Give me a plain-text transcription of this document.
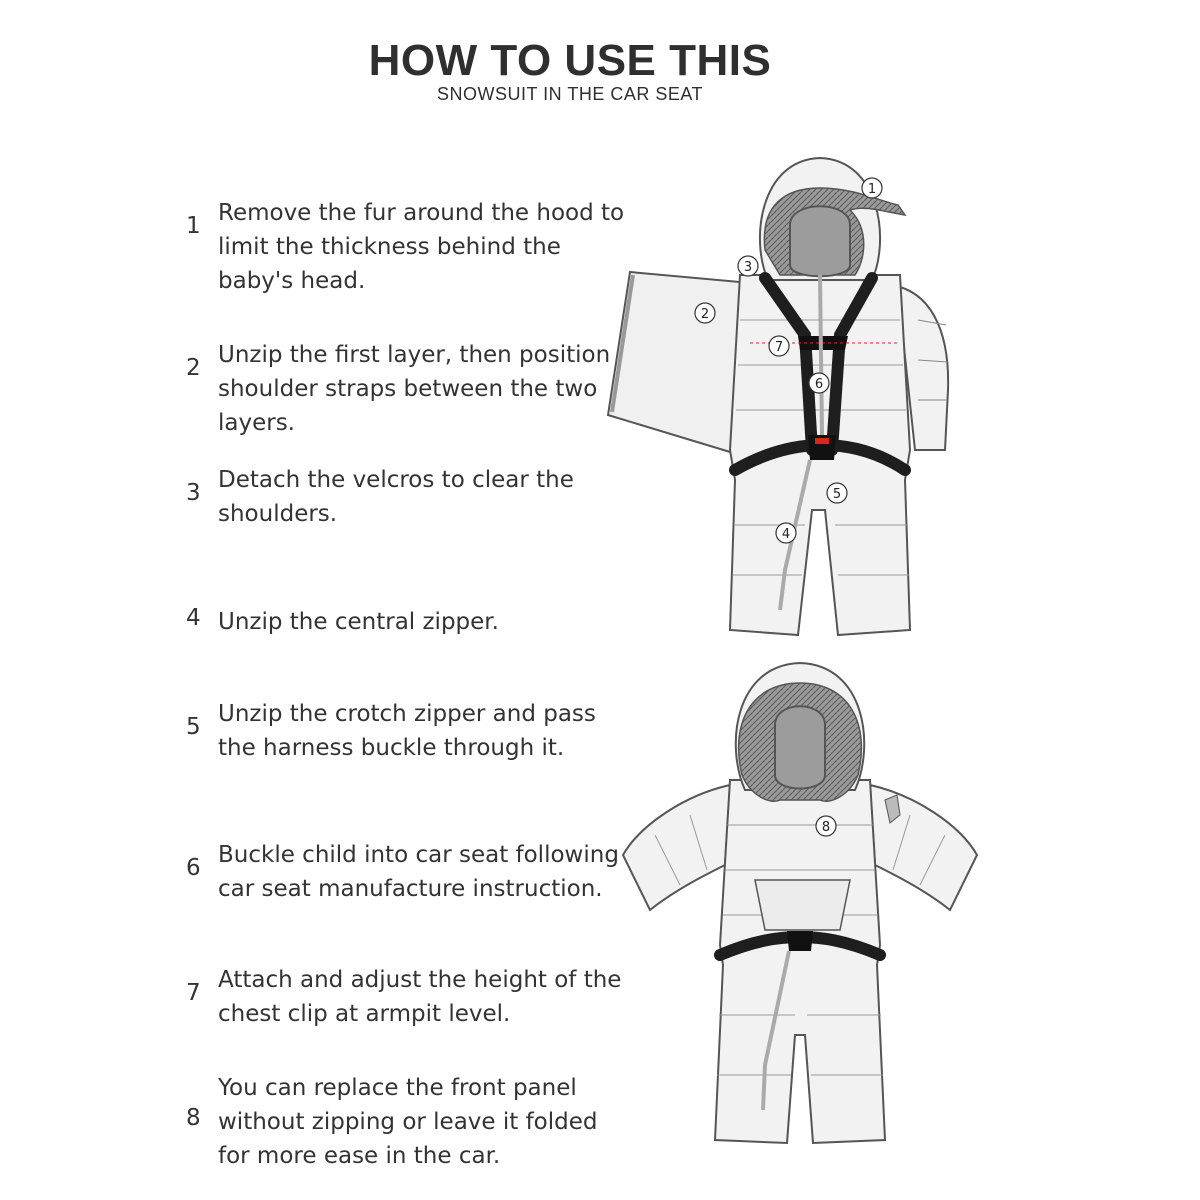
HOW TO USE THIS
SNOWSUIT IN THE CAR SEAT
1 Remove the fur around the hood to limit the thickness behind the baby's head.
2 Unzip the first layer, then position shoulder straps between the two layers.
3 Detach the velcros to clear the shoulders.
4 Unzip the central zipper.
5 Unzip the crotch zipper and pass the harness buckle through it.
6 Buckle child into car seat following car seat manufacture instruction.
7 Attach and adjust the height of the chest clip at armpit level.
8
You can replace the front panel without zipping or leave it folded for more ease in the car.
1
2
3
4
5
6
7
8
